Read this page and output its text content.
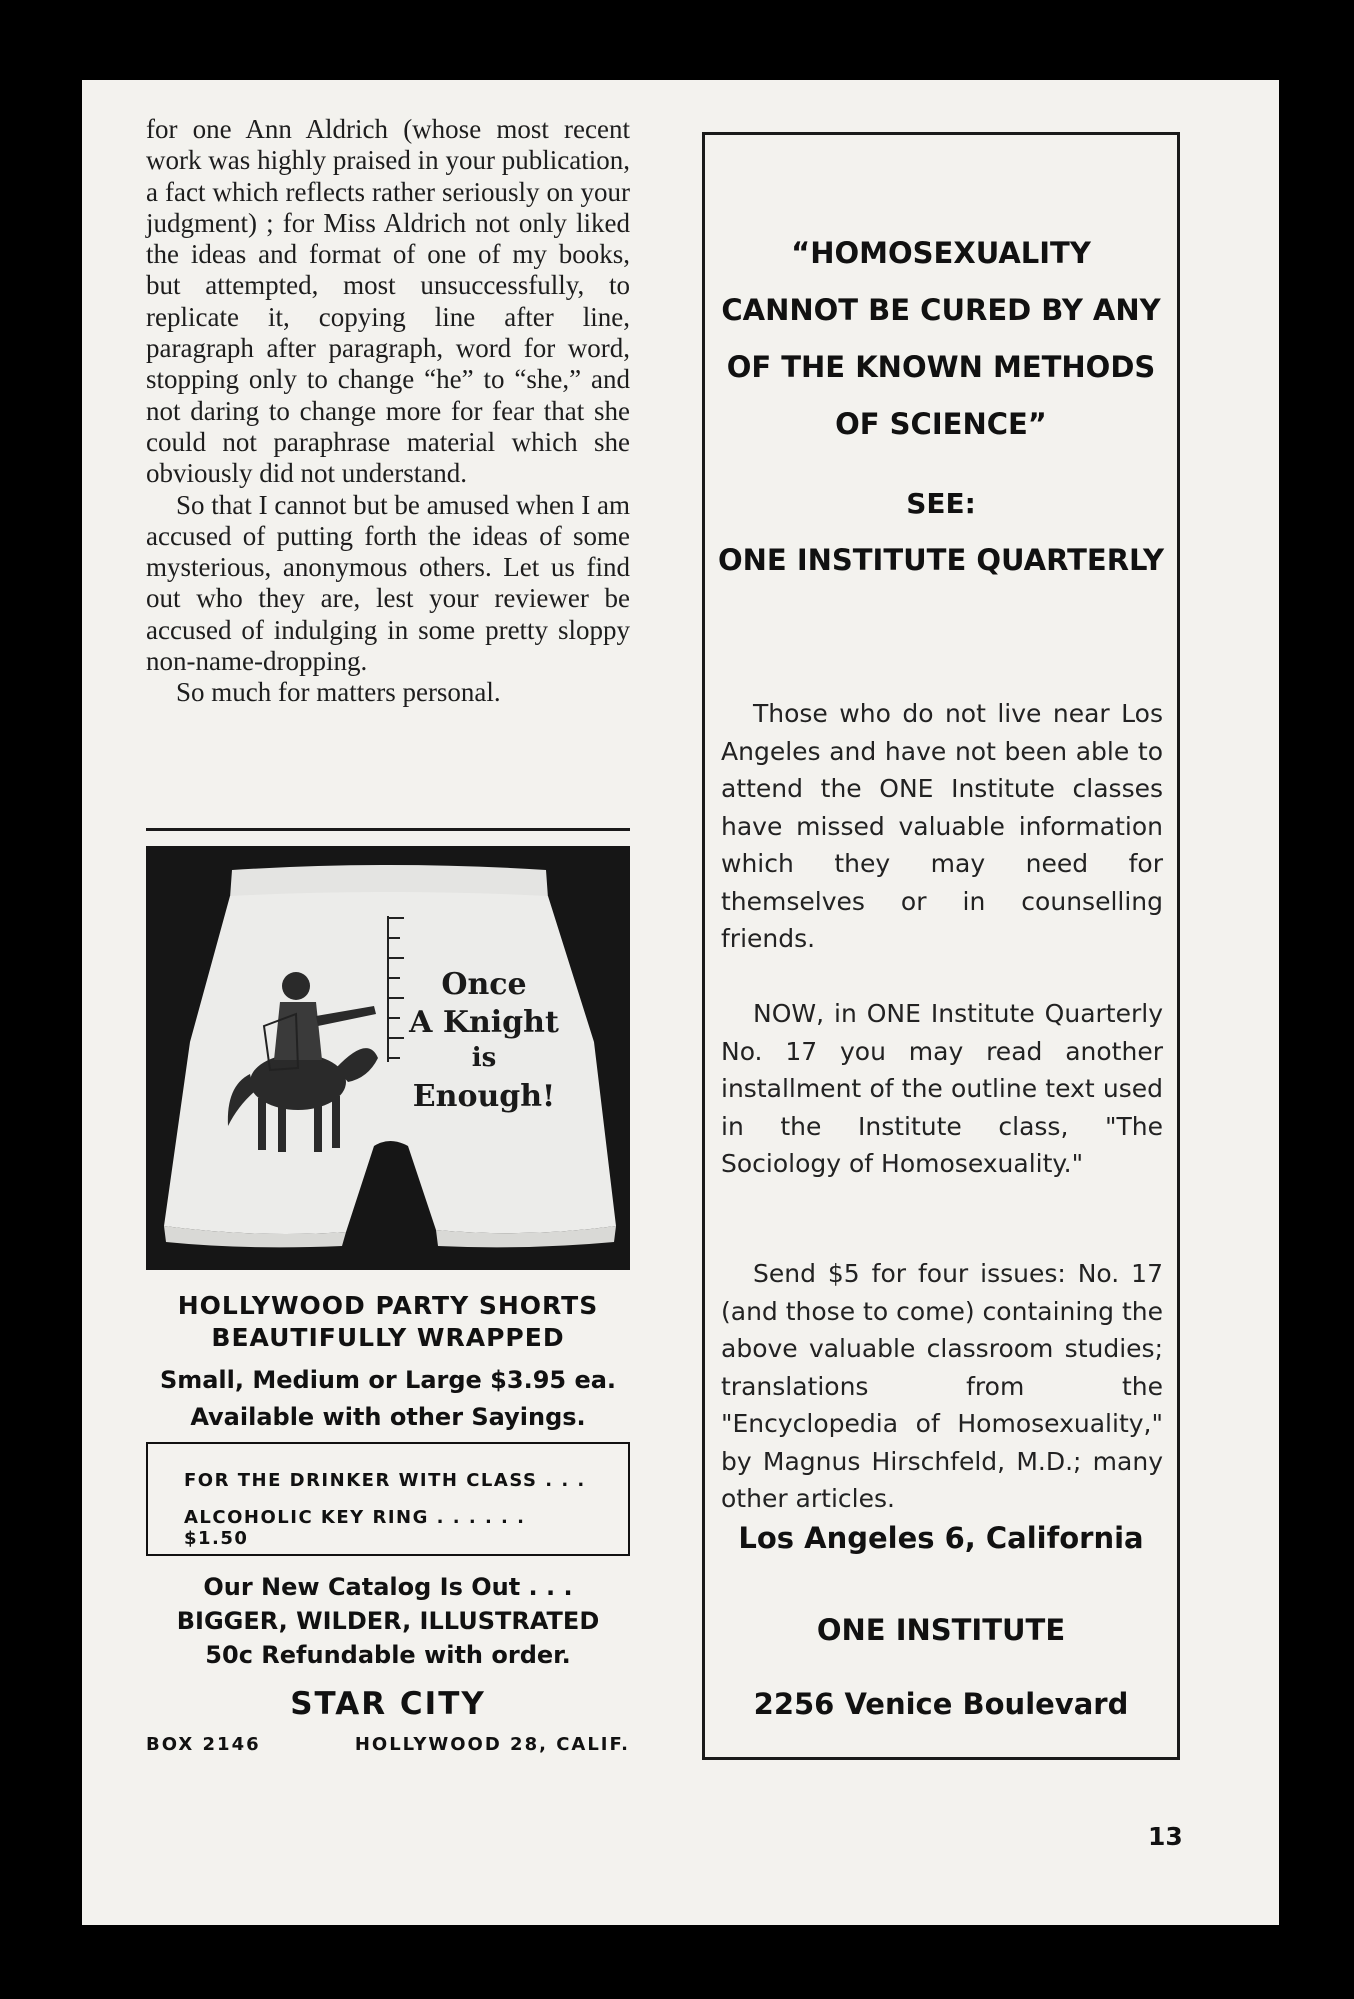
for one Ann Aldrich (whose most recent work was highly praised in your publication, a fact which reflects rather seriously on your judgment) ; for Miss Aldrich not only liked the ideas and format of one of my books, but attempted, most unsuccessfully, to replicate it, copying line after line, paragraph after paragraph, word for word, stopping only to change “he” to “she,” and not daring to change more for fear that she could not paraphrase material which she obviously did not understand.

So that I cannot but be amused when I am accused of putting forth the ideas of some mysterious, anonymous others. Let us find out who they are, lest your reviewer be accused of indulging in some pretty sloppy non-name-dropping.

So much for matters personal.

Once
A Knight
is
Enough!
HOLLYWOOD PARTY SHORTS
BEAUTIFULLY WRAPPED
Small, Medium or Large $3.95 ea.
Available with other Sayings.
FOR THE DRINKER WITH CLASS . . .
ALCOHOLIC KEY RING . . . . . . $1.50
Our New Catalog Is Out . . .
BIGGER, WILDER, ILLUSTRATED
50c Refundable with order.
STAR CITY
BOX 2146	HOLLYWOOD 28, CALIF.
“HOMOSEXUALITY
CANNOT BE CURED BY ANY
OF THE KNOWN METHODS
OF SCIENCE”
SEE:
ONE INSTITUTE QUARTERLY

Those who do not live near Los Angeles and have not been able to attend the ONE Institute classes have missed valuable information which they may need for themselves or in counselling friends.

NOW, in ONE Institute Quarterly No. 17 you may read another installment of the outline text used in the Institute class, "The Sociology of Homosexuality."

Send $5 for four issues: No. 17 (and those to come) containing the above valuable classroom studies; translations from the "Encyclopedia of Homosexuality," by Magnus Hirschfeld, M.D.; many other articles.

Los Angeles 6, California
ONE INSTITUTE
2256 Venice Boulevard
13
